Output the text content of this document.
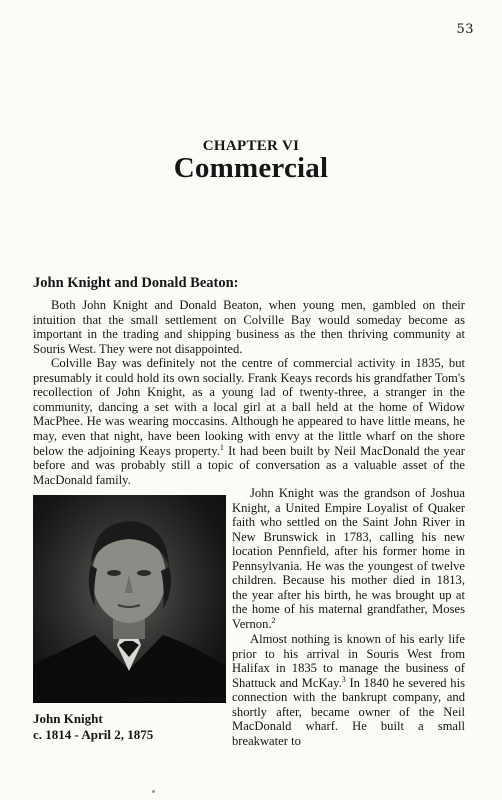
53
CHAPTER VI
Commercial
John Knight and Donald Beaton:

Both John Knight and Donald Beaton, when young men, gambled on their intuition that the small settlement on Colville Bay would someday become as important in the trading and shipping business as the then thriving community at Souris West. They were not disappointed.

Colville Bay was definitely not the centre of commercial activity in 1835, but presumably it could hold its own socially. Frank Keays records his grandfather Tom's recollection of John Knight, as a young lad of twenty-three, a stranger in the community, dancing a set with a local girl at a ball held at the home of Widow MacPhee. He was wearing moccasins. Although he appeared to have little means, he may, even that night, have been looking with envy at the little wharf on the shore below the adjoining Keays property.$^1$ It had been built by Neil MacDonald the year before and was probably still a topic of conversation as a valuable asset of the MacDonald family.

Courtesy Pictures of the Past by Leards.
John Knight
c. 1814 - April 2, 1875

John Knight was the grandson of Joshua Knight, a United Empire Loyalist of Quaker faith who settled on the Saint John River in New Brunswick in 1783, calling his new location Pennfield, after his former home in Pennsylvania. He was the youngest of twelve children. Because his mother died in 1813, the year after his birth, he was brought up at the home of his maternal grandfather, Moses Vernon.$^2$

Almost nothing is known of his early life prior to his arrival in Souris West from Halifax in 1835 to manage the business of Shattuck and McKay.$^3$ In 1840 he severed his connection with the bankrupt company, and shortly after, became owner of the Neil MacDonald wharf. He built a small breakwater to
